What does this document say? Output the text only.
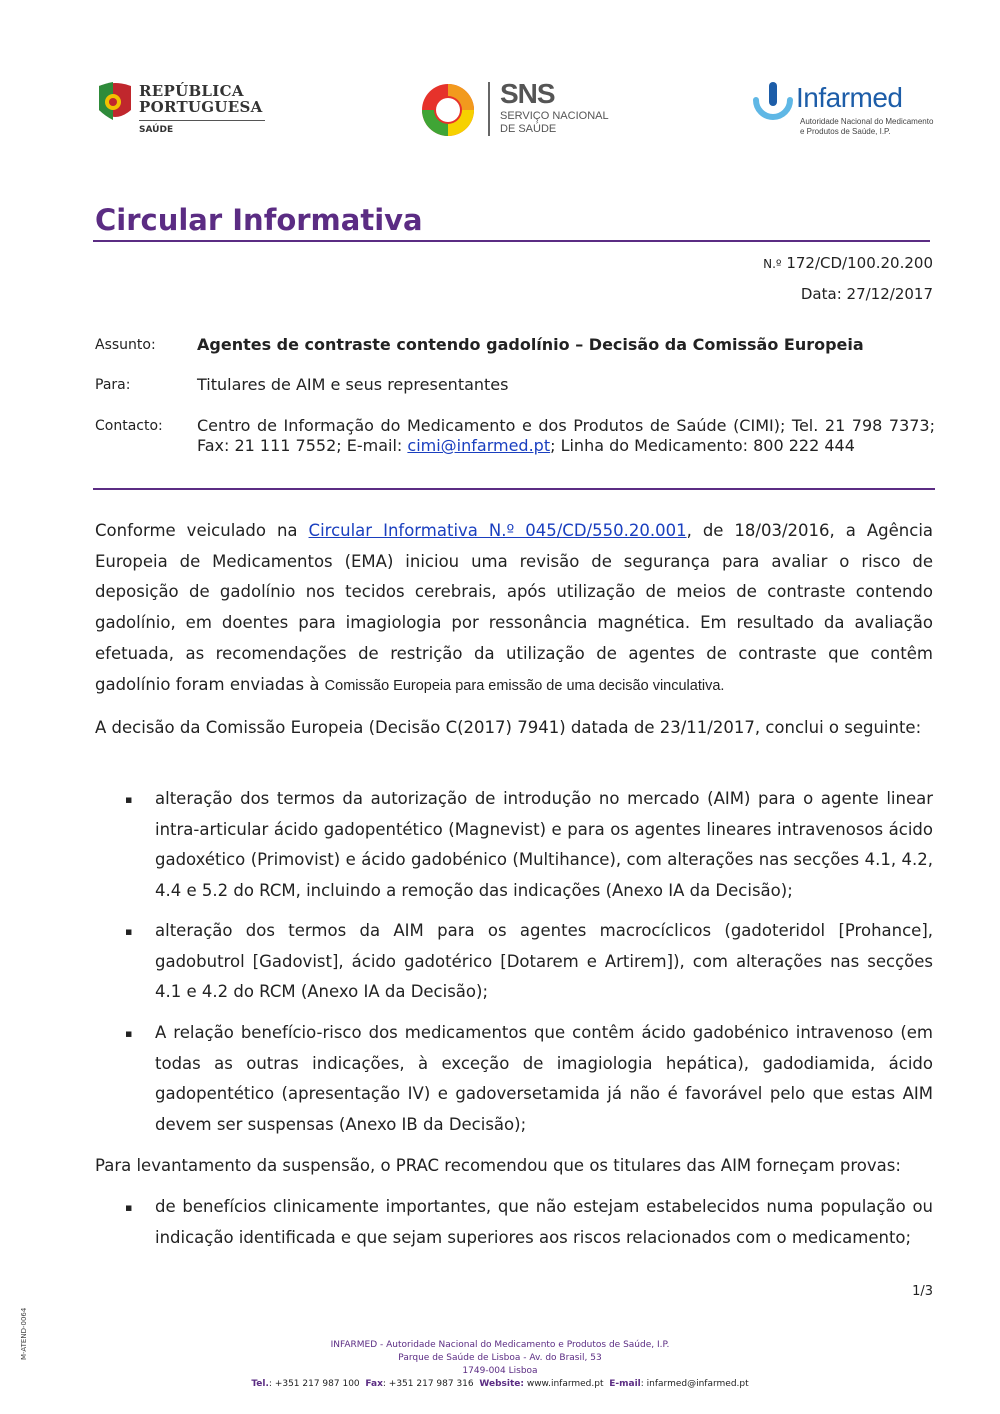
REPÚBLICA
PORTUGUESA
SAÚDE
SNS
SERVIÇO NACIONAL
DE SAÚDE
Infarmed
Autoridade Nacional do Medicamento
e Produtos de Saúde, I.P.
Circular Informativa
N.º 172/CD/100.20.200
Data: 27/12/2017
Assunto:	Agentes de contraste contendo gadolínio – Decisão da Comissão Europeia
Para:	Titulares de AIM e seus representantes
Contacto: Centro de Informação do Medicamento e dos Produtos de Saúde (CIMI); Tel. 21 798 7373; Fax: 21 111 7552; E-mail: cimi@infarmed.pt; Linha do Medicamento: 800 222 444
Conforme veiculado na Circular Informativa N.º 045/CD/550.20.001, de 18/03/2016, a Agência Europeia de Medicamentos (EMA) iniciou uma revisão de segurança para avaliar o risco de deposição de gadolínio nos tecidos cerebrais, após utilização de meios de contraste contendo gadolínio, em doentes para imagiologia por ressonância magnética. Em resultado da avaliação efetuada, as recomendações de restrição da utilização de agentes de contraste que contêm gadolínio foram enviadas à Comissão Europeia para emissão de uma decisão vinculativa.
A decisão da Comissão Europeia (Decisão C(2017) 7941) datada de 23/11/2017, conclui o seguinte:
▪ alteração dos termos da autorização de introdução no mercado (AIM) para o agente linear intra-articular ácido gadopentético (Magnevist) e para os agentes lineares intravenosos ácido gadoxético (Primovist) e ácido gadobénico (Multihance), com alterações nas secções 4.1, 4.2, 4.4 e 5.2 do RCM, incluindo a remoção das indicações (Anexo IA da Decisão);
▪ alteração dos termos da AIM para os agentes macrocíclicos (gadoteridol [Prohance], gadobutrol [Gadovist], ácido gadotérico [Dotarem e Artirem]), com alterações nas secções 4.1 e 4.2 do RCM (Anexo IA da Decisão);
▪ A relação benefício-risco dos medicamentos que contêm ácido gadobénico intravenoso (em todas as outras indicações, à exceção de imagiologia hepática), gadodiamida, ácido gadopentético (apresentação IV) e gadoversetamida já não é favorável pelo que estas AIM devem ser suspensas (Anexo IB da Decisão);
Para levantamento da suspensão, o PRAC recomendou que os titulares das AIM forneçam provas:
▪ de benefícios clinicamente importantes, que não estejam estabelecidos numa população ou indicação identificada e que sejam superiores aos riscos relacionados com o medicamento;
1/3
M-ATEND-0064	INFARMED - Autoridade Nacional do Medicamento e Produtos de Saúde, I.P.
Parque de Saúde de Lisboa - Av. do Brasil, 53
1749-004 Lisboa
Tel.: +351 217 987 100 Fax: +351 217 987 316 Website: www.infarmed.pt E-mail: infarmed@infarmed.pt
